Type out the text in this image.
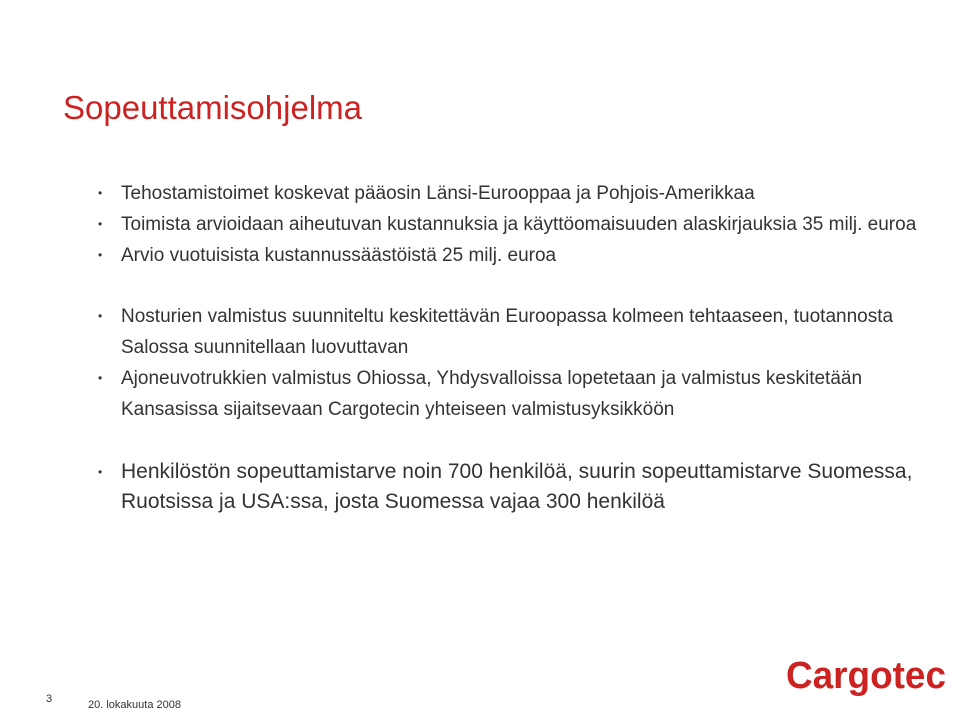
Sopeuttamisohjelma
• Tehostamistoimet koskevat pääosin Länsi-Eurooppaa ja Pohjois-Amerikkaa
• Toimista arvioidaan aiheutuvan kustannuksia ja käyttöomaisuuden alaskirjauksia 35 milj. euroa
• Arvio vuotuisista kustannussäästöistä 25 milj. euroa
• Nosturien valmistus suunniteltu keskitettävän Euroopassa kolmeen tehtaaseen, tuotannosta Salossa suunnitellaan luovuttavan
• Ajoneuvotrukkien valmistus Ohiossa, Yhdysvalloissa lopetetaan ja valmistus keskitetään Kansasissa sijaitsevaan Cargotecin yhteiseen valmistusyksikköön
• Henkilöstön sopeuttamistarve noin 700 henkilöä, suurin sopeuttamistarve Suomessa, Ruotsissa ja USA:ssa, josta Suomessa vajaa 300 henkilöä
3	20. lokakuuta 2008
Cargotec
